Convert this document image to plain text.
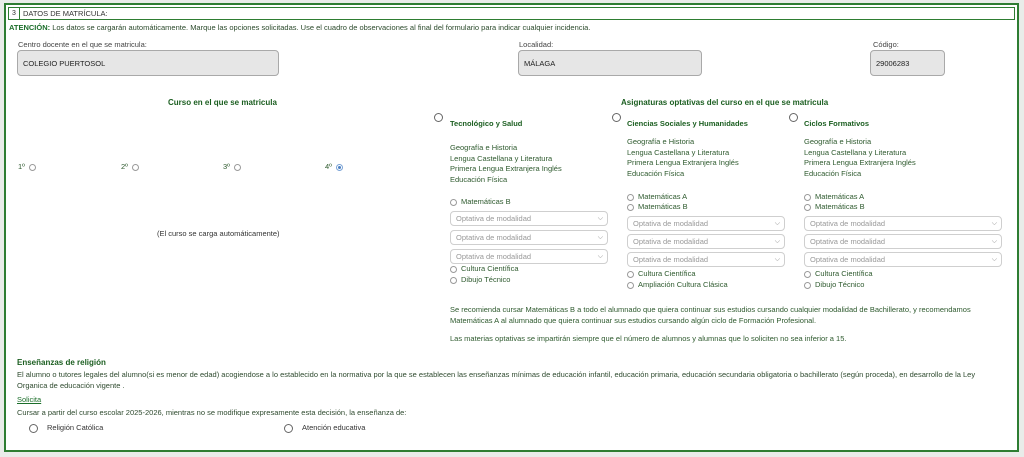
3 DATOS DE MATRÍCULA:
ATENCIÓN: Los datos se cargarán automáticamente. Marque las opciones solicitadas. Use el cuadro de observaciones al final del formulario para indicar cualquier incidencia.
Centro docente en el que se matricula:
COLEGIO PUERTOSOL
Localidad:
MÁLAGA
Código:
29006283
Curso en el que se matricula
1º	2º	3º	4º
(El curso se carga automáticamente)
Asignaturas optativas del curso en el que se matricula
Tecnológico y Salud
Geografía e Historia
Lengua Castellana y Literatura
Primera Lengua Extranjera Inglés
Educación Física
Matemáticas B
Optativa de modalidad	⌵
Optativa de modalidad	⌵
Optativa de modalidad	⌵
Cultura Científica
Dibujo Técnico
Ciencias Sociales y Humanidades
Geografía e Historia
Lengua Castellana y Literatura
Primera Lengua Extranjera Inglés
Educación Física
Matemáticas A
Matemáticas B
Optativa de modalidad	⌵
Optativa de modalidad	⌵
Optativa de modalidad	⌵
Cultura Científica
Ampliación Cultura Clásica
Ciclos Formativos
Geografía e Historia
Lengua Castellana y Literatura
Primera Lengua Extranjera Inglés
Educación Física
Matemáticas A
Matemáticas B
Optativa de modalidad	⌵
Optativa de modalidad	⌵
Optativa de modalidad	⌵
Cultura Científica
Dibujo Técnico
Se recomienda cursar Matemáticas B a todo el alumnado que quiera continuar sus estudios cursando cualquier modalidad de Bachillerato, y recomendamos Matemáticas A al alumnado que quiera continuar sus estudios cursando algún ciclo de Formación Profesional.
Las materias optativas se impartirán siempre que el número de alumnos y alumnas que lo soliciten no sea inferior a 15.
Enseñanzas de religión
El alumno o tutores legales del alumno(si es menor de edad) acogiendose a lo establecido en la normativa por la que se establecen las enseñanzas mínimas de educación infantil, educación primaria, educación secundaria obligatoria o bachillerato (según proceda), en desarrollo de la Ley Organica de educación vigente .
Solicita
Cursar a partir del curso escolar 2025-2026, mientras no se modifique expresamente esta decisión, la enseñanza de:
Religión Católica	Atención educativa
